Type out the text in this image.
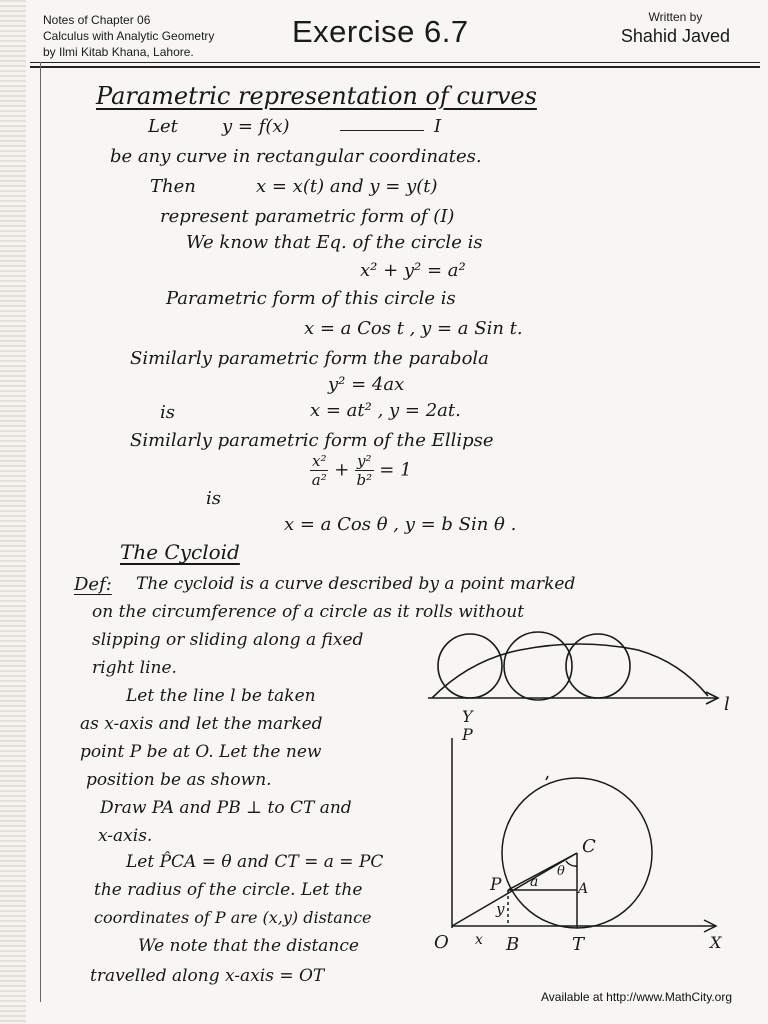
Notes of Chapter 06
Calculus with Analytic Geometry
by Ilmi Kitab Khana, Lahore.
Exercise 6.7	Written by
Shahid Javed
Parametric representation of curves
Let y = f(x)	I
be any curve in rectangular coordinates.
Then	x = x(t) and y = y(t)
represent parametric form of (I)
We know that Eq. of the circle is
x² + y² = a²
Parametric form of this circle is
x = a Cos t , y = a Sin t.
Similarly parametric form the parabola
y² = 4ax
is	x = at² , y = 2at.
Similarly parametric form of the Ellipse
$\frac{\text{x²}}{\text{a²}} + \frac{\text{y²}}{\text{b²}} = 1$
is
x = a Cos θ , y = b Sin θ .
The Cycloid
Def: The cycloid is a curve described by a point marked
on the circumference of a circle as it rolls without
slipping or sliding along a fixed
right line.
Let the line l be taken
as x-axis and let the marked
point P be at O. Let the new
position be as shown.
Draw PA and PB ⊥ to CT and
x-axis.
Let P̂CA = θ and CT = a = PC
the radius of the circle. Let the
coordinates of P are (x,y) distance
We note that the distance
travelled along x-axis = OT
l
Y
P
C
P
y
θ
A
a
O x B	T	X
Available at http://www.MathCity.org
